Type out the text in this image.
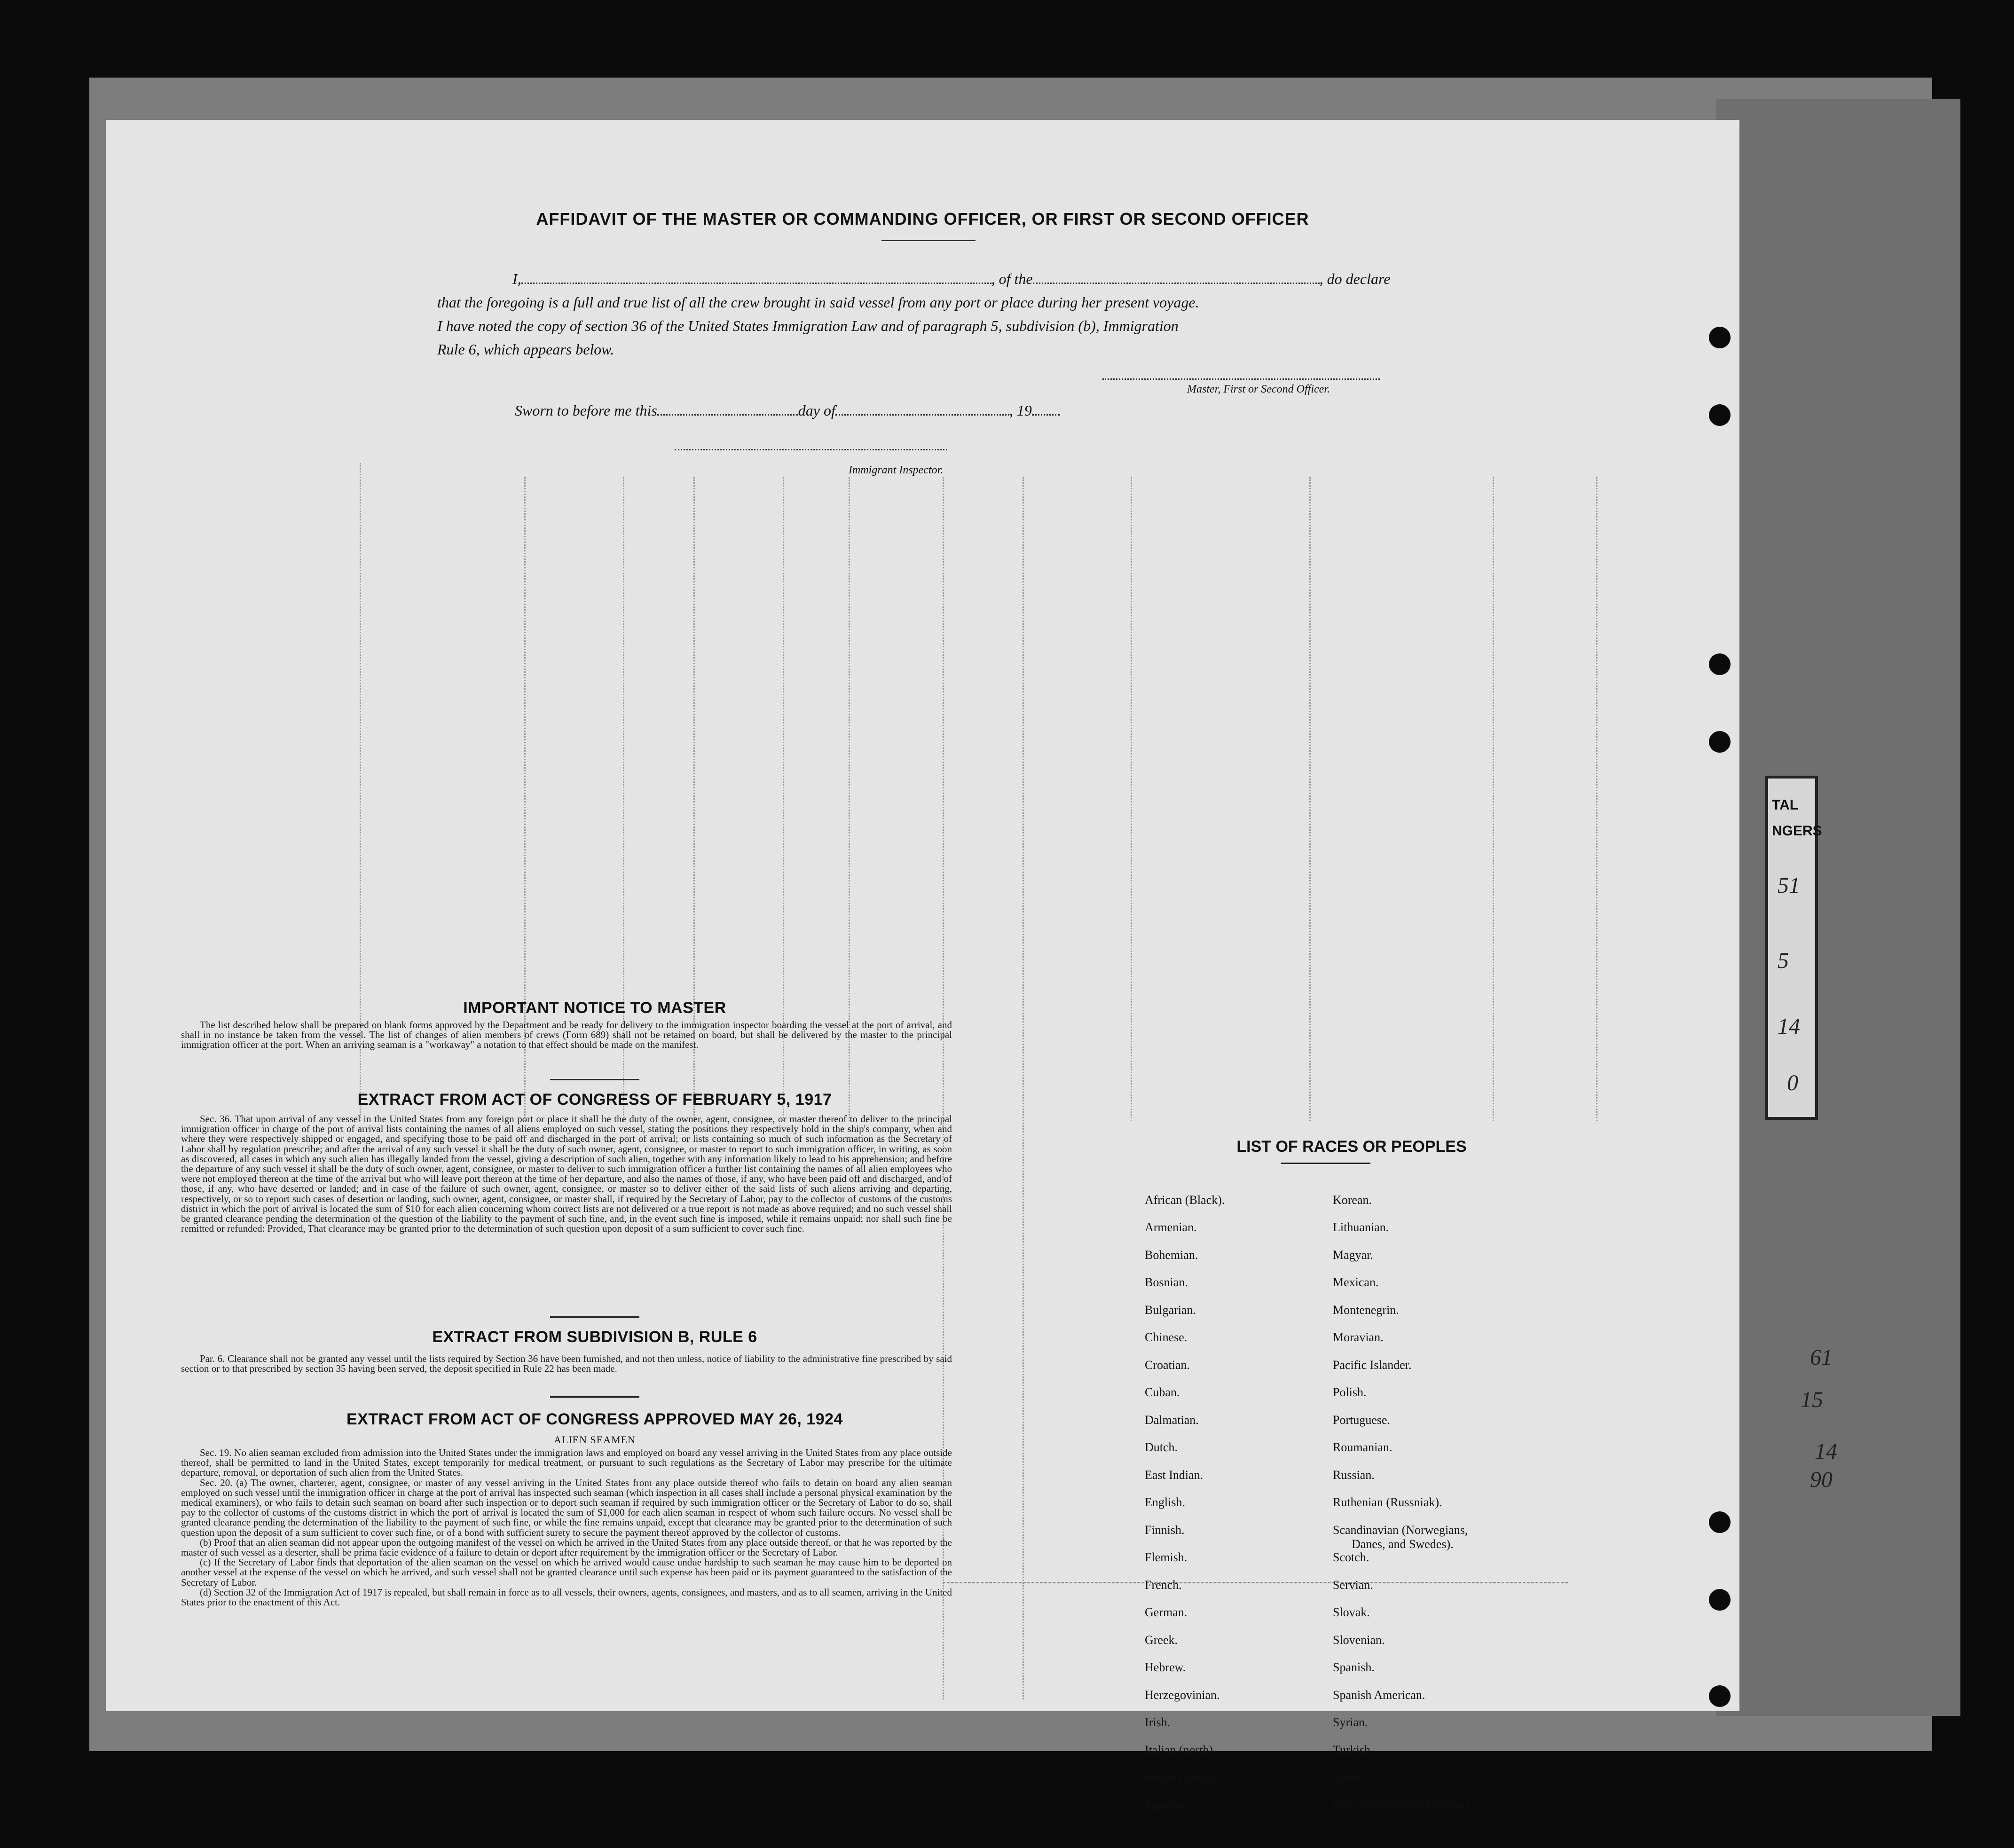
TAL
NGERS
51
5
14
0
61
15
14
90
AFFIDAVIT OF THE MASTER OR COMMANDING OFFICER, OR FIRST OR SECOND OFFICER
I,	, of the	, do declare
that the foregoing is a full and true list of all the crew brought in said vessel from any port or place during her present voyage.
I have noted the copy of section 36 of the United States Immigration Law and of paragraph 5, subdivision (b), Immigration
Rule 6, which appears below.
Master, First or Second Officer.
Sworn to before me this	day of	, 19
Immigrant Inspector.
IMPORTANT NOTICE TO MASTER

The list described below shall be prepared on blank forms approved by the Department and be ready for delivery to the immigration inspector boarding the vessel at the port of arrival, and shall in no instance be taken from the vessel. The list of changes of alien members of crews (Form 689) shall not be retained on board, but shall be delivered by the master to the principal immigration officer at the port. When an arriving seaman is a "workaway" a notation to that effect should be made on the manifest.

EXTRACT FROM ACT OF CONGRESS OF FEBRUARY 5, 1917

Sec. 36. That upon arrival of any vessel in the United States from any foreign port or place it shall be the duty of the owner, agent, consignee, or master thereof to deliver to the principal immigration officer in charge of the port of arrival lists containing the names of all aliens employed on such vessel, stating the positions they respectively hold in the ship's company, when and where they were respectively shipped or engaged, and specifying those to be paid off and discharged in the port of arrival; or lists containing so much of such information as the Secretary of Labor shall by regulation prescribe; and after the arrival of any such vessel it shall be the duty of such owner, agent, consignee, or master to report to such immigration officer, in writing, as soon as discovered, all cases in which any such alien has illegally landed from the vessel, giving a description of such alien, together with any information likely to lead to his apprehension; and before the departure of any such vessel it shall be the duty of such owner, agent, consignee, or master to deliver to such immigration officer a further list containing the names of all alien employees who were not employed thereon at the time of the arrival but who will leave port thereon at the time of her departure, and also the names of those, if any, who have been paid off and discharged, and of those, if any, who have deserted or landed; and in case of the failure of such owner, agent, consignee, or master so to deliver either of the said lists of such aliens arriving and departing, respectively, or so to report such cases of desertion or landing, such owner, agent, consignee, or master shall, if required by the Secretary of Labor, pay to the collector of customs of the customs district in which the port of arrival is located the sum of $10 for each alien concerning whom correct lists are not delivered or a true report is not made as above required; and no such vessel shall be granted clearance pending the determination of the question of the liability to the payment of such fine, and, in the event such fine is imposed, while it remains unpaid; nor shall such fine be remitted or refunded: Provided, That clearance may be granted prior to the determination of such question upon deposit of a sum sufficient to cover such fine.

EXTRACT FROM SUBDIVISION B, RULE 6

Par. 6. Clearance shall not be granted any vessel until the lists required by Section 36 have been furnished, and not then unless, notice of liability to the administrative fine prescribed by said section or to that prescribed by section 35 having been served, the deposit specified in Rule 22 has been made.

EXTRACT FROM ACT OF CONGRESS APPROVED MAY 26, 1924
ALIEN SEAMEN

Sec. 19. No alien seaman excluded from admission into the United States under the immigration laws and employed on board any vessel arriving in the United States from any place outside thereof, shall be permitted to land in the United States, except temporarily for medical treatment, or pursuant to such regulations as the Secretary of Labor may prescribe for the ultimate departure, removal, or deportation of such alien from the United States.

Sec. 20. (a) The owner, charterer, agent, consignee, or master of any vessel arriving in the United States from any place outside thereof who fails to detain on board any alien seaman employed on such vessel until the immigration officer in charge at the port of arrival has inspected such seaman (which inspection in all cases shall include a personal physical examination by the medical examiners), or who fails to detain such seaman on board after such inspection or to deport such seaman if required by such immigration officer or the Secretary of Labor to do so, shall pay to the collector of customs of the customs district in which the port of arrival is located the sum of $1,000 for each alien seaman in respect of whom such failure occurs. No vessel shall be granted clearance pending the determination of the liability to the payment of such fine, or while the fine remains unpaid, except that clearance may be granted prior to the determination of such question upon the deposit of a sum sufficient to cover such fine, or of a bond with sufficient surety to secure the payment thereof approved by the collector of customs.

(b) Proof that an alien seaman did not appear upon the outgoing manifest of the vessel on which he arrived in the United States from any place outside thereof, or that he was reported by the master of such vessel as a deserter, shall be prima facie evidence of a failure to detain or deport after requirement by the immigration officer or the Secretary of Labor.

(c) If the Secretary of Labor finds that deportation of the alien seaman on the vessel on which he arrived would cause undue hardship to such seaman he may cause him to be deported on another vessel at the expense of the vessel on which he arrived, and such vessel shall not be granted clearance until such expense has been paid or its payment guaranteed to the satisfaction of the Secretary of Labor.

(d) Section 32 of the Immigration Act of 1917 is repealed, but shall remain in force as to all vessels, their owners, agents, consignees, and masters, and as to all seamen, arriving in the United States prior to the enactment of this Act.

LIST OF RACES OR PEOPLES
African (Black).
Armenian.
Bohemian.
Bosnian.
Bulgarian.
Chinese.
Croatian.
Cuban.
Dalmatian.
Dutch.
East Indian.
English.
Finnish.
Flemish.
French.
German.
Greek.
Hebrew.
Herzegovinian.
Irish.
Italian (north).
Italian (south).
Japanese.
Korean.
Lithuanian.
Magyar.
Mexican.
Montenegrin.
Moravian.
Pacific Islander.
Polish.
Portuguese.
Roumanian.
Russian.
Ruthenian (Russniak).
Scandinavian (Norwegians,
Danes, and Swedes).
Scotch.
Servian.
Slovak.
Slovenian.
Spanish.
Spanish American.
Syrian.
Turkish.
Welsh.
West Indian (except Cuban)
